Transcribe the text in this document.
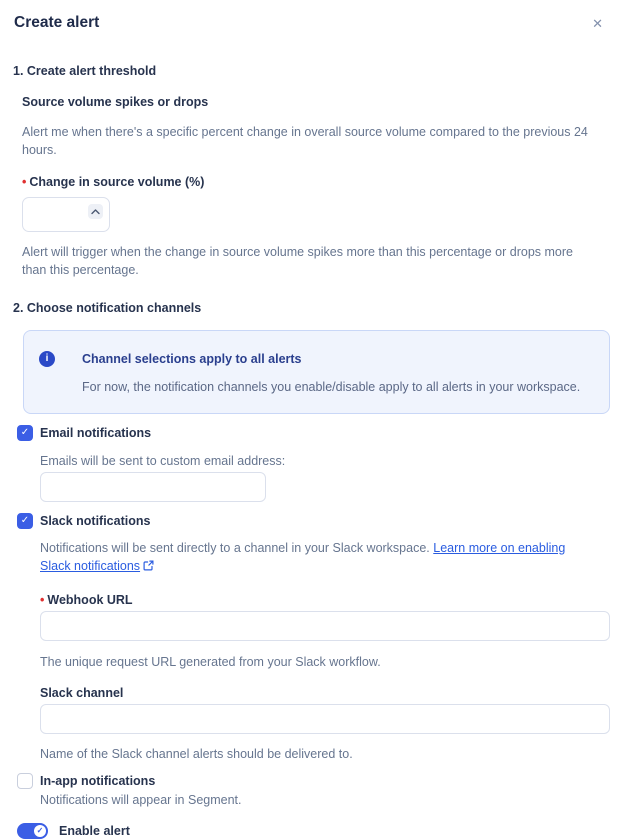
Create alert	✕
1. Create alert threshold
Source volume spikes or drops
Alert me when there's a specific percent change in overall source volume compared to the previous 24 hours.
• Change in source volume (%)
Alert will trigger when the change in source volume spikes more than this percentage or drops more than this percentage.
2. Choose notification channels
i	Channel selections apply to all alerts
For now, the notification channels you enable/disable apply to all alerts in your workspace.
✓ Email notifications
Emails will be sent to custom email address:
✓ Slack notifications
Notifications will be sent directly to a channel in your Slack workspace. Learn more on enabling Slack notifications
• Webhook URL
The unique request URL generated from your Slack workflow.
Slack channel
Name of the Slack channel alerts should be delivered to.
In-app notifications
Notifications will appear in Segment.
✓ Enable alert
